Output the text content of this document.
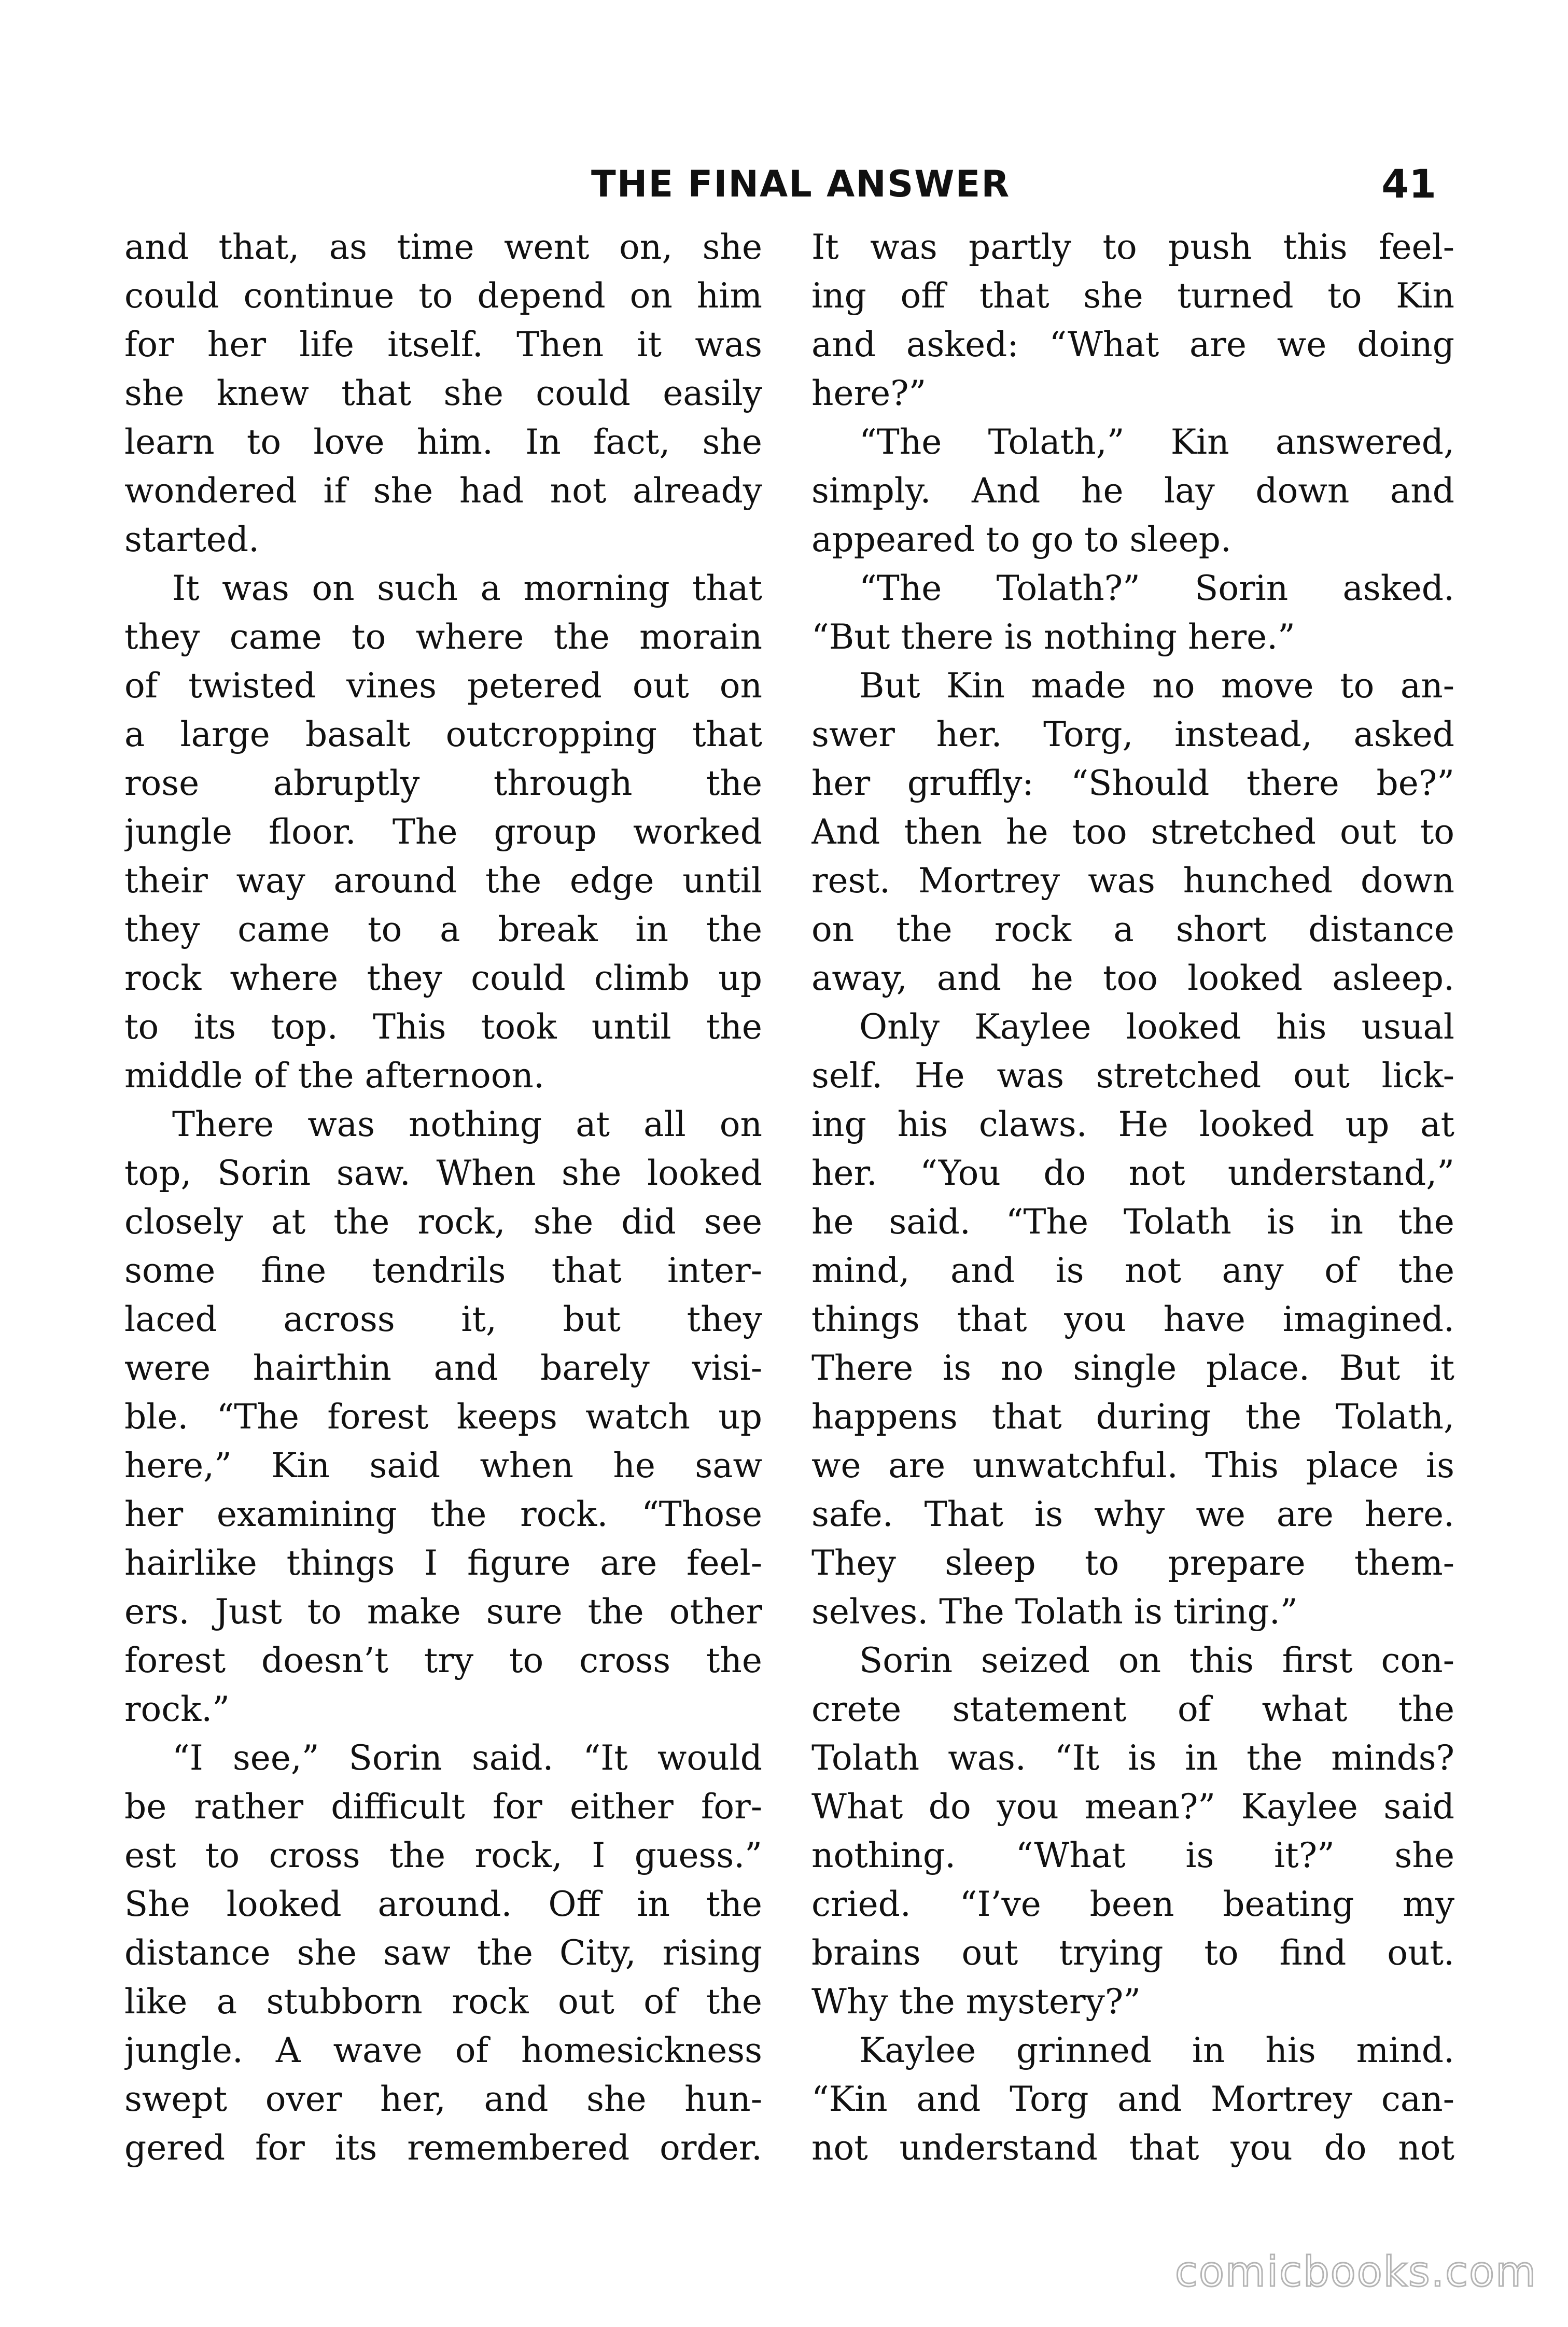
THE FINAL ANSWER	41
and that, as time went on, she
could continue to depend on him
for her life itself. Then it was
she knew that she could easily
learn to love him. In fact, she
wondered if she had not already
started.
It was on such a morning that
they came to where the morain
of twisted vines petered out on
a large basalt outcropping that
rose abruptly through the
jungle floor. The group worked
their way around the edge until
they came to a break in the
rock where they could climb up
to its top. This took until the
middle of the afternoon.
There was nothing at all on
top, Sorin saw. When she looked
closely at the rock, she did see
some fine tendrils that inter-
laced across it, but they
were hairthin and barely visi-
ble. “The forest keeps watch up
here,” Kin said when he saw
her examining the rock. “Those
hairlike things I figure are feel-
ers. Just to make sure the other
forest doesn’t try to cross the
rock.”
“I see,” Sorin said. “It would
be rather difficult for either for-
est to cross the rock, I guess.”
She looked around. Off in the
distance she saw the City, rising
like a stubborn rock out of the
jungle. A wave of homesickness
swept over her, and she hun-
gered for its remembered order.
It was partly to push this feel-
ing off that she turned to Kin
and asked: “What are we doing
here?”
“The Tolath,” Kin answered,
simply. And he lay down and
appeared to go to sleep.
“The Tolath?” Sorin asked.
“But there is nothing here.”
But Kin made no move to an-
swer her. Torg, instead, asked
her gruffly: “Should there be?”
And then he too stretched out to
rest. Mortrey was hunched down
on the rock a short distance
away, and he too looked asleep.
Only Kaylee looked his usual
self. He was stretched out lick-
ing his claws. He looked up at
her. “You do not understand,”
he said. “The Tolath is in the
mind, and is not any of the
things that you have imagined.
There is no single place. But it
happens that during the Tolath,
we are unwatchful. This place is
safe. That is why we are here.
They sleep to prepare them-
selves. The Tolath is tiring.”
Sorin seized on this first con-
crete statement of what the
Tolath was. “It is in the minds?
What do you mean?” Kaylee said
nothing. “What is it?” she
cried. “I’ve been beating my
brains out trying to find out.
Why the mystery?”
Kaylee grinned in his mind.
“Kin and Torg and Mortrey can-
not understand that you do not
comicbooks.com
